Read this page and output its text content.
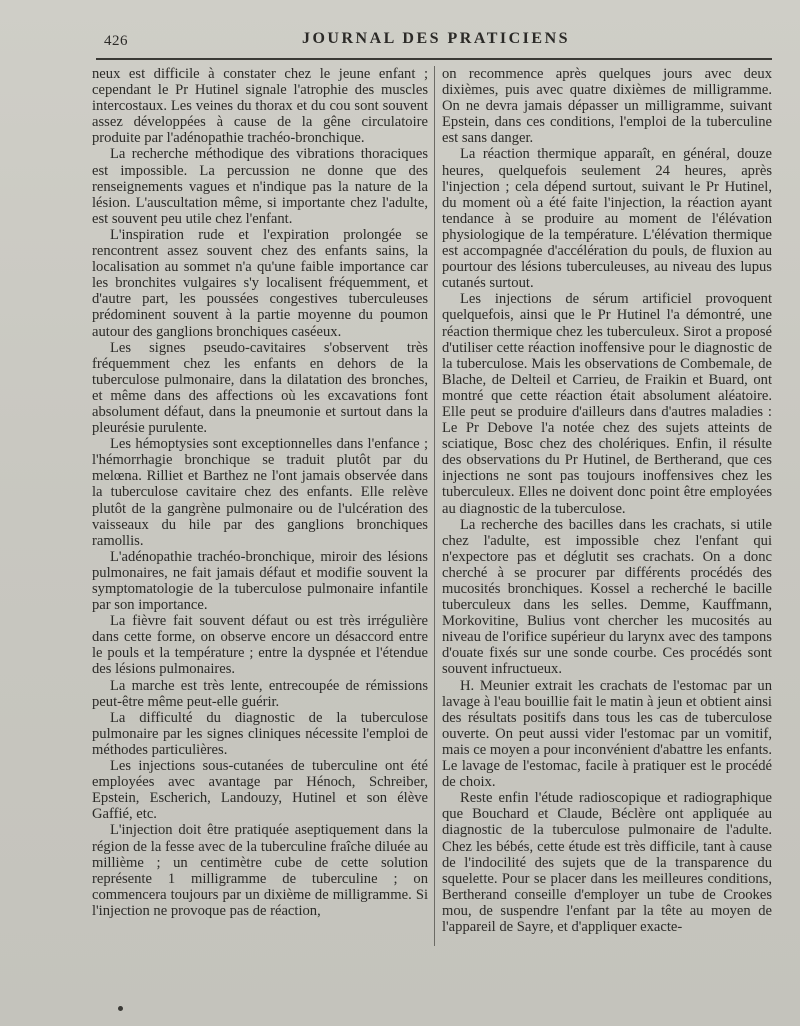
426	JOURNAL DES PRATICIENS

neux est difficile à constater chez le jeune enfant ; cependant le Pr Hutinel signale l'atrophie des muscles intercostaux. Les veines du thorax et du cou sont souvent assez développées à cause de la gêne circulatoire produite par l'adénopathie trachéo-bronchique.

La recherche méthodique des vibrations thoraciques est impossible. La percussion ne donne que des renseignements vagues et n'indique pas la nature de la lésion. L'auscultation même, si importante chez l'adulte, est souvent peu utile chez l'enfant.

L'inspiration rude et l'expiration prolongée se rencontrent assez souvent chez des enfants sains, la localisation au sommet n'a qu'une faible importance car les bronchites vulgaires s'y localisent fréquemment, et d'autre part, les poussées congestives tuberculeuses prédominent souvent à la partie moyenne du poumon autour des ganglions bronchiques caséeux.

Les signes pseudo-cavitaires s'observent très fréquemment chez les enfants en dehors de la tuberculose pulmonaire, dans la dilatation des bronches, et même dans des affections où les excavations font absolument défaut, dans la pneumonie et surtout dans la pleurésie purulente.

Les hémoptysies sont exceptionnelles dans l'enfance ; l'hémorrhagie bronchique se traduit plutôt par du melœna. Rilliet et Barthez ne l'ont jamais observée dans la tuberculose cavitaire chez des enfants. Elle relève plutôt de la gangrène pulmonaire ou de l'ulcération des vaisseaux du hile par des ganglions bronchiques ramollis.

L'adénopathie trachéo-bronchique, miroir des lésions pulmonaires, ne fait jamais défaut et modifie souvent la symptomatologie de la tuberculose pulmonaire infantile par son importance.

La fièvre fait souvent défaut ou est très irrégulière dans cette forme, on observe encore un désaccord entre le pouls et la température ; entre la dyspnée et l'étendue des lésions pulmonaires.

La marche est très lente, entrecoupée de rémissions peut-être même peut-elle guérir.

La difficulté du diagnostic de la tuberculose pulmonaire par les signes cliniques nécessite l'emploi de méthodes particulières.

Les injections sous-cutanées de tuberculine ont été employées avec avantage par Hénoch, Schreiber, Epstein, Escherich, Landouzy, Hutinel et son élève Gaffié, etc.

L'injection doit être pratiquée aseptiquement dans la région de la fesse avec de la tuberculine fraîche diluée au millième ; un centimètre cube de cette solution représente 1 milligramme de tuberculine ; on commencera toujours par un dixième de milligramme. Si l'injection ne provoque pas de réaction,

on recommence après quelques jours avec deux dixièmes, puis avec quatre dixièmes de milligramme. On ne devra jamais dépasser un milligramme, suivant Epstein, dans ces conditions, l'emploi de la tuberculine est sans danger.

La réaction thermique apparaît, en général, douze heures, quelquefois seulement 24 heures, après l'injection ; cela dépend surtout, suivant le Pr Hutinel, du moment où a été faite l'injection, la réaction ayant tendance à se produire au moment de l'élévation physiologique de la température. L'élévation thermique est accompagnée d'accélération du pouls, de fluxion au pourtour des lésions tuberculeuses, au niveau des lupus cutanés surtout.

Les injections de sérum artificiel provoquent quelquefois, ainsi que le Pr Hutinel l'a démontré, une réaction thermique chez les tuberculeux. Sirot a proposé d'utiliser cette réaction inoffensive pour le diagnostic de la tuberculose. Mais les observations de Combemale, de Blache, de Delteil et Carrieu, de Fraikin et Buard, ont montré que cette réaction était absolument aléatoire. Elle peut se produire d'ailleurs dans d'autres maladies : Le Pr Debove l'a notée chez des sujets atteints de sciatique, Bosc chez des cholériques. Enfin, il résulte des observations du Pr Hutinel, de Bertherand, que ces injections ne sont pas toujours inoffensives chez les tuberculeux. Elles ne doivent donc point être employées au diagnostic de la tuberculose.

La recherche des bacilles dans les crachats, si utile chez l'adulte, est impossible chez l'enfant qui n'expectore pas et déglutit ses crachats. On a donc cherché à se procurer par différents procédés des mucosités bronchiques. Kossel a recherché le bacille tuberculeux dans les selles. Demme, Kauffmann, Morkovitine, Bulius vont chercher les mucosités au niveau de l'orifice supérieur du larynx avec des tampons d'ouate fixés sur une sonde courbe. Ces procédés sont souvent infructueux.

H. Meunier extrait les crachats de l'estomac par un lavage à l'eau bouillie fait le matin à jeun et obtient ainsi des résultats positifs dans tous les cas de tuberculose ouverte. On peut aussi vider l'estomac par un vomitif, mais ce moyen a pour inconvénient d'abattre les enfants. Le lavage de l'estomac, facile à pratiquer est le procédé de choix.

Reste enfin l'étude radioscopique et radiographique que Bouchard et Claude, Béclère ont appliquée au diagnostic de la tuberculose pulmonaire de l'adulte. Chez les bébés, cette étude est très difficile, tant à cause de l'indocilité des sujets que de la transparence du squelette. Pour se placer dans les meilleures conditions, Bertherand conseille d'employer un tube de Crookes mou, de suspendre l'enfant par la tête au moyen de l'appareil de Sayre, et d'appliquer exacte-
